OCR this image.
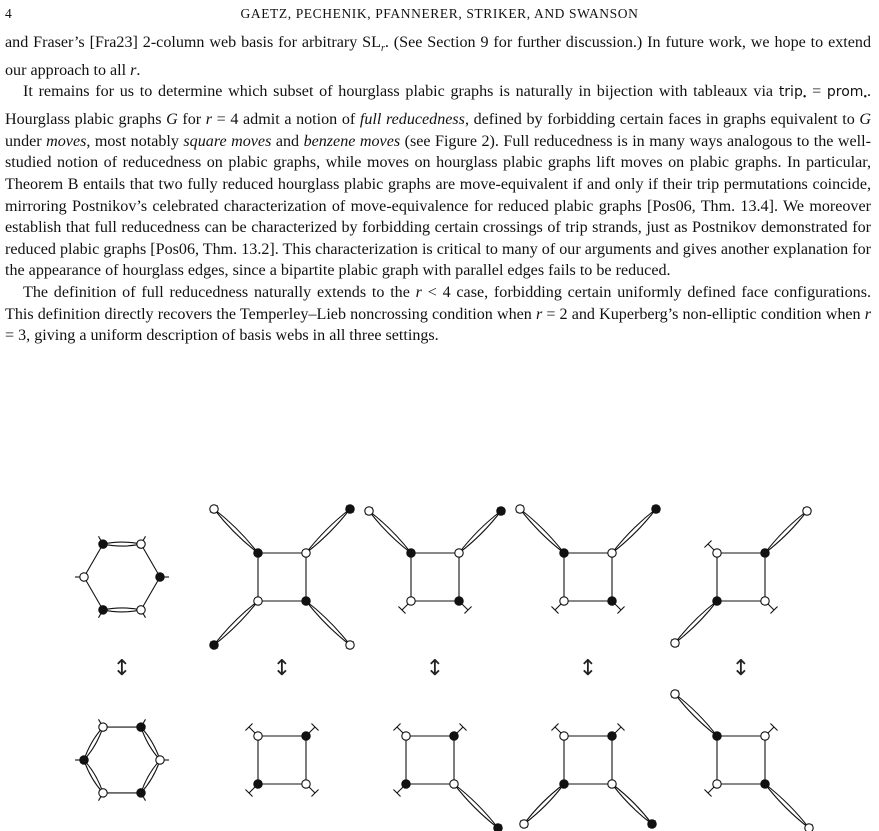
4	GAETZ, PECHENIK, PFANNERER, STRIKER, AND SWANSON

and Fraser’s [Fra23] 2-column web basis for arbitrary $SL_r$. (See Section 9 for further discussion.) In future work, we hope to extend our approach to all r.

It remains for us to determine which subset of hourglass plabic graphs is naturally in bijection with tableaux via trip$_•$ = prom$_•$. Hourglass plabic graphs G for r = 4 admit a notion of full reducedness, defined by forbidding certain faces in graphs equivalent to G under moves, most notably square moves and benzene moves (see Figure 2). Full reducedness is in many ways analogous to the well-studied notion of reducedness on plabic graphs, while moves on hourglass plabic graphs lift moves on plabic graphs. In particular, Theorem B entails that two fully reduced hourglass plabic graphs are move-equivalent if and only if their trip permutations coincide, mirroring Postnikov’s celebrated characterization of move-equivalence for reduced plabic graphs [Pos06, Thm. 13.4]. We moreover establish that full reducedness can be characterized by forbidding certain crossings of trip strands, just as Postnikov demonstrated for reduced plabic graphs [Pos06, Thm. 13.2]. This characterization is critical to many of our arguments and gives another explanation for the appearance of hourglass edges, since a bipartite plabic graph with parallel edges fails to be reduced.

The definition of full reducedness naturally extends to the r < 4 case, forbidding certain uniformly defined face configurations. This definition directly recovers the Temperley–Lieb noncrossing condition when r = 2 and Kuperberg’s non-elliptic condition when r = 3, giving a uniform description of basis webs in all three settings.

↕	↕	↕	↕	↕
